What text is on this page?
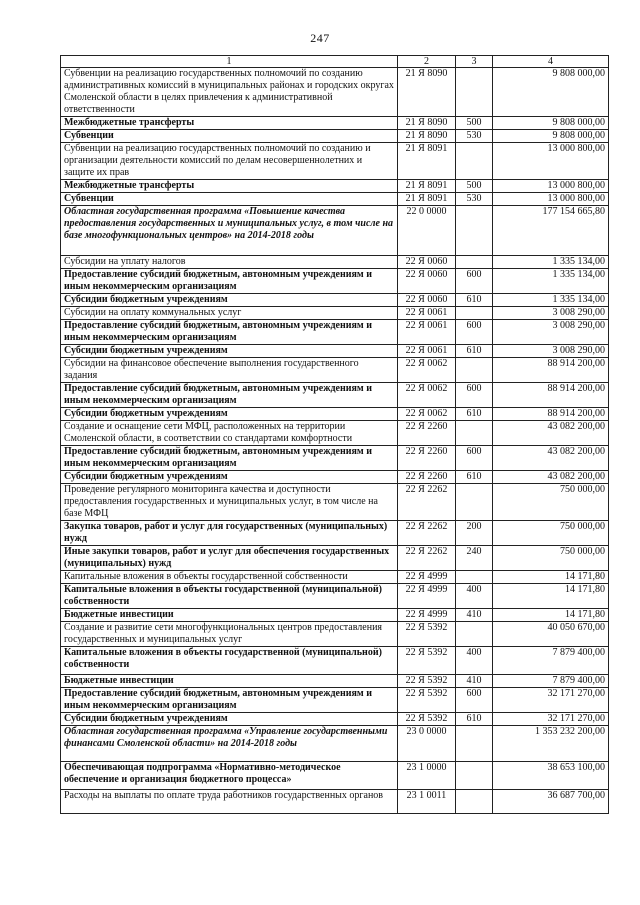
247
1	2	3	4
Субвенции на реализацию государственных полномочий по созданию административных комиссий в муниципальных районах и городских округах Смоленской области в целях привлечения к административной ответственности	21 Я 8090		9 808 000,00
Межбюджетные трансферты	21 Я 8090	500	9 808 000,00
Субвенции	21 Я 8090	530	9 808 000,00
Субвенции на реализацию государственных полномочий по созданию и организации деятельности комиссий по делам несовершеннолетних и защите их прав	21 Я 8091		13 000 800,00
Межбюджетные трансферты	21 Я 8091	500	13 000 800,00
Субвенции	21 Я 8091	530	13 000 800,00
Областная государственная программа «Повышение качества предоставления государственных и муниципальных услуг, в том числе на базе многофункциональных центров» на 2014-2018 годы	22 0 0000		177 154 665,80
Субсидии на уплату налогов	22 Я 0060		1 335 134,00
Предоставление субсидий бюджетным, автономным учреждениям и иным некоммерческим организациям	22 Я 0060	600	1 335 134,00
Субсидии бюджетным учреждениям	22 Я 0060	610	1 335 134,00
Субсидии на оплату коммунальных услуг	22 Я 0061		3 008 290,00
Предоставление субсидий бюджетным, автономным учреждениям и иным некоммерческим организациям	22 Я 0061	600	3 008 290,00
Субсидии бюджетным учреждениям	22 Я 0061	610	3 008 290,00
Субсидии на финансовое обеспечение выполнения государственного задания	22 Я 0062		88 914 200,00
Предоставление субсидий бюджетным, автономным учреждениям и иным некоммерческим организациям	22 Я 0062	600	88 914 200,00
Субсидии бюджетным учреждениям	22 Я 0062	610	88 914 200,00
Создание и оснащение сети МФЦ, расположенных на территории Смоленской области, в соответствии со стандартами комфортности	22 Я 2260		43 082 200,00
Предоставление субсидий бюджетным, автономным учреждениям и иным некоммерческим организациям	22 Я 2260	600	43 082 200,00
Субсидии бюджетным учреждениям	22 Я 2260	610	43 082 200,00
Проведение регулярного мониторинга качества и доступности предоставления государственных и муниципальных услуг, в том числе на базе МФЦ	22 Я 2262		750 000,00
Закупка товаров, работ и услуг для государственных (муниципальных) нужд	22 Я 2262	200	750 000,00
Иные закупки товаров, работ и услуг для обеспечения государственных (муниципальных) нужд	22 Я 2262	240	750 000,00
Капитальные вложения в объекты государственной собственности	22 Я 4999		14 171,80
Капитальные вложения в объекты государственной (муниципальной) собственности	22 Я 4999	400	14 171,80
Бюджетные инвестиции	22 Я 4999	410	14 171,80
Создание и развитие сети многофункциональных центров предоставления государственных и муниципальных услуг	22 Я 5392		40 050 670,00
Капитальные вложения в объекты государственной (муниципальной) собственности	22 Я 5392	400	7 879 400,00
Бюджетные инвестиции	22 Я 5392	410	7 879 400,00
Предоставление субсидий бюджетным, автономным учреждениям и иным некоммерческим организациям	22 Я 5392	600	32 171 270,00
Субсидии бюджетным учреждениям	22 Я 5392	610	32 171 270,00
Областная государственная программа «Управление государственными финансами Смоленской области» на 2014-2018 годы	23 0 0000		1 353 232 200,00
Обеспечивающая подпрограмма «Нормативно-методическое обеспечение и организация бюджетного процесса»	23 1 0000		38 653 100,00
Расходы на выплаты по оплате труда работников государственных органов	23 1 0011		36 687 700,00
